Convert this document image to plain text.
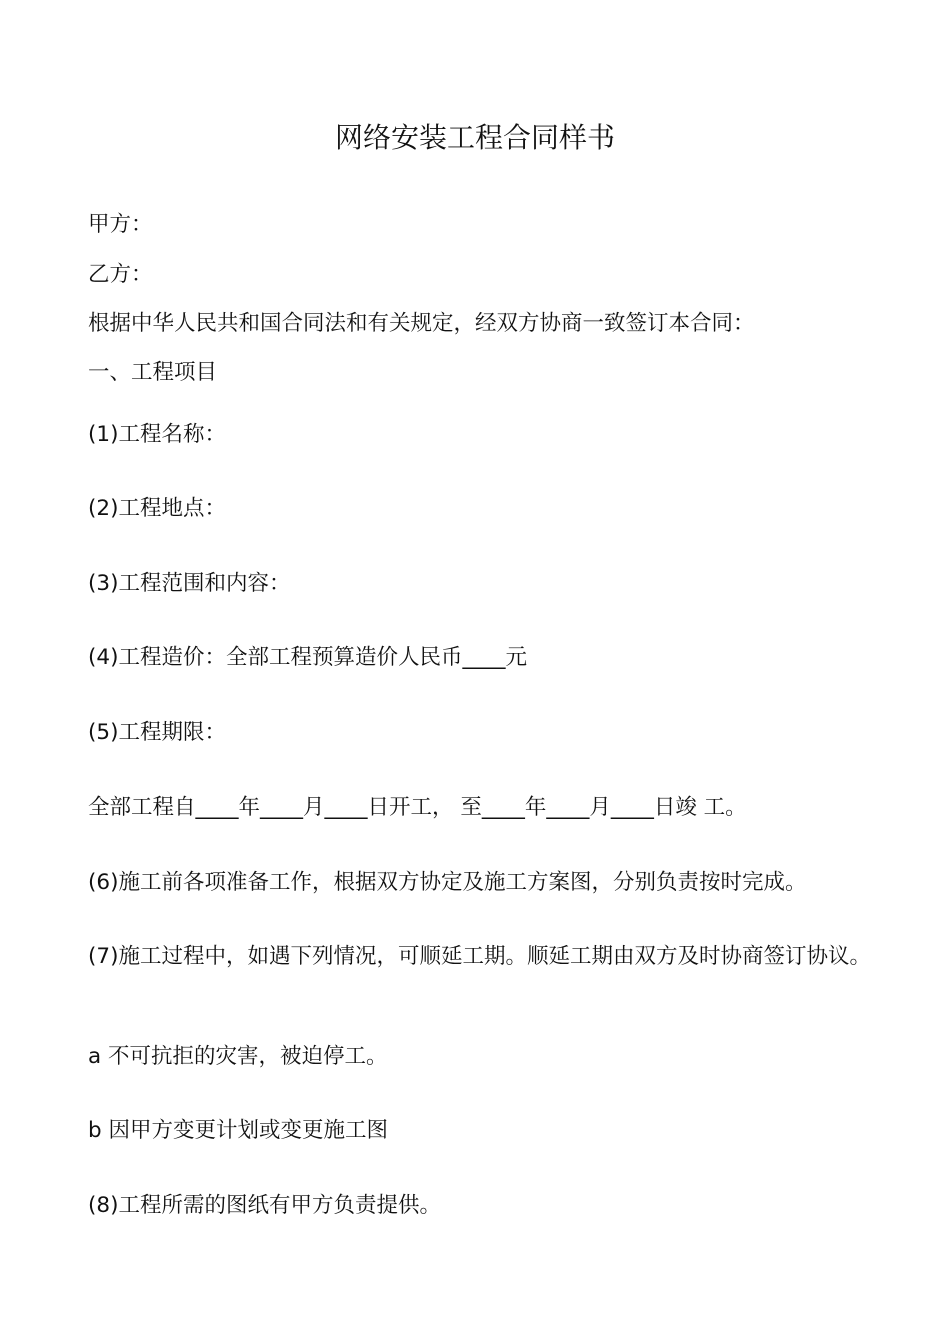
网络安装工程合同样书
甲方：
乙方：
根据中华人民共和国合同法和有关规定，经双方协商一致签订本合同：
一、工程项目
(1)工程名称：
(2)工程地点：
(3)工程范围和内容：
(4)工程造价：全部工程预算造价人民币____元
(5)工程期限：
全部工程自____年____月____日开工， 至____年____月____日竣 工。
(6)施工前各项准备工作，根据双方协定及施工方案图，分别负责按时完成。
(7)施工过程中，如遇下列情况，可顺延工期。顺延工期由双方及时协商签订协议。
a 不可抗拒的灾害，被迫停工。
b 因甲方变更计划或变更施工图
(8)工程所需的图纸有甲方负责提供。
